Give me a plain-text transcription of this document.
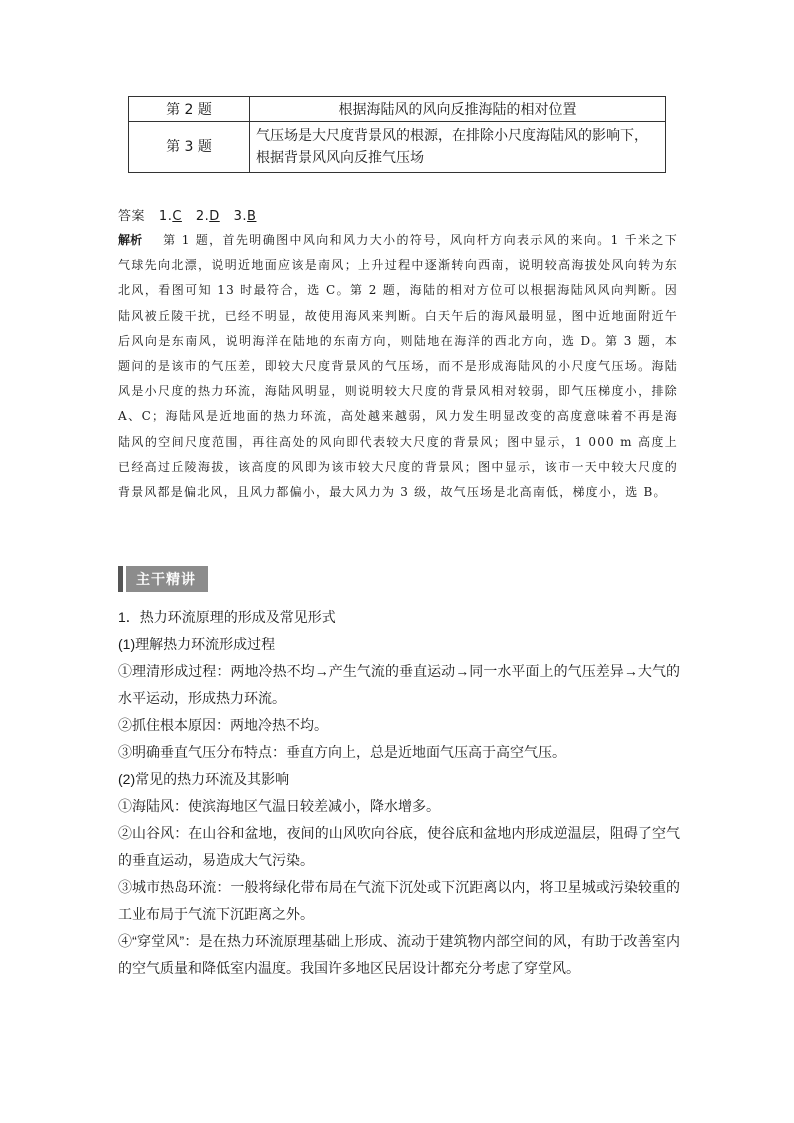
第 2 题	根据海陆风的风向反推海陆的相对位置
第 3 题	气压场是大尺度背景风的根源，在排除小尺度海陆风的影响下，根据背景风风向反推气压场
答案 1.C 2.D 3.B
解析 第 1 题，首先明确图中风向和风力大小的符号，风向杆方向表示风的来向。1 千米之下气球先向北漂，说明近地面应该是南风；上升过程中逐渐转向西南，说明较高海拔处风向转为东北风，看图可知 13 时最符合，选 C。第 2 题，海陆的相对方位可以根据海陆风风向判断。因陆风被丘陵干扰，已经不明显，故使用海风来判断。白天午后的海风最明显，图中近地面附近午后风向是东南风，说明海洋在陆地的东南方向，则陆地在海洋的西北方向，选 D。第 3 题，本题问的是该市的气压差，即较大尺度背景风的气压场，而不是形成海陆风的小尺度气压场。海陆风是小尺度的热力环流，海陆风明显，则说明较大尺度的背景风相对较弱，即气压梯度小，排除 A、C；海陆风是近地面的热力环流，高处越来越弱，风力发生明显改变的高度意味着不再是海陆风的空间尺度范围，再往高处的风向即代表较大尺度的背景风；图中显示，1 000 m 高度上已经高过丘陵海拔，该高度的风即为该市较大尺度的背景风；图中显示，该市一天中较大尺度的背景风都是偏北风，且风力都偏小，最大风力为 3 级，故气压场是北高南低，梯度小，选 B。
主干精讲

1．热力环流原理的形成及常见形式

(1)理解热力环流形成过程

①理清形成过程：两地冷热不均→产生气流的垂直运动→同一水平面上的气压差异→大气的水平运动，形成热力环流。

②抓住根本原因：两地冷热不均。

③明确垂直气压分布特点：垂直方向上，总是近地面气压高于高空气压。

(2)常见的热力环流及其影响

①海陆风：使滨海地区气温日较差减小，降水增多。

②山谷风：在山谷和盆地，夜间的山风吹向谷底，使谷底和盆地内形成逆温层，阻碍了空气的垂直运动，易造成大气污染。

③城市热岛环流：一般将绿化带布局在气流下沉处或下沉距离以内，将卫星城或污染较重的工业布局于气流下沉距离之外。

④“穿堂风”：是在热力环流原理基础上形成、流动于建筑物内部空间的风，有助于改善室内的空气质量和降低室内温度。我国许多地区民居设计都充分考虑了穿堂风。
